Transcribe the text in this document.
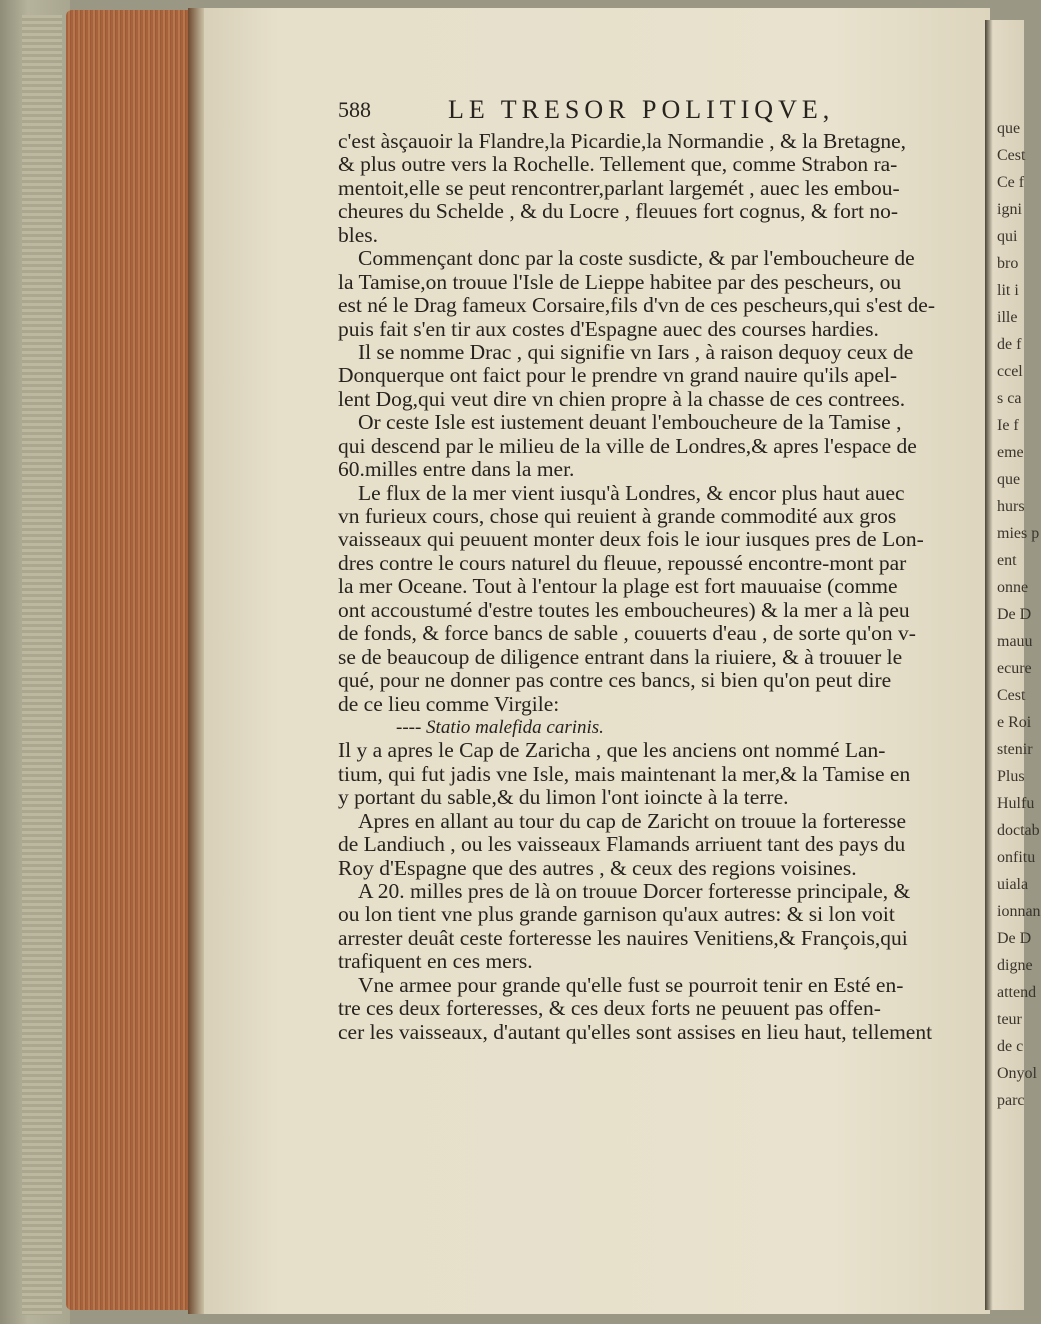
que
Cest
Ce f
igni
qui
bro
lit i
ille
de f
ccel
s ca
Ie f
eme
que
hurs
mies p
ent
onne
De D
mauu
ecure
Cest
e Roi
stenir
Plus
Hulfu
doctab
onfitu
uiala
ionnan
De D
digne
attend
teur
de c
Onyol
parc
588	LE TRESOR POLITIQVE,
c'est àsçauoir la Flandre,la Picardie,la Normandie , & la Bretagne,
& plus outre vers la Rochelle. Tellement que, comme Strabon ra-
mentoit,elle se peut rencontrer,parlant largemét , auec les embou-
cheures du Schelde , & du Locre , fleuues fort cognus, & fort no-
bles.
Commençant donc par la coste susdicte, & par l'emboucheure de
la Tamise,on trouue l'Isle de Lieppe habitee par des pescheurs, ou
est né le Drag fameux Corsaire,fils d'vn de ces pescheurs,qui s'est de-
puis fait s'en tir aux costes d'Espagne auec des courses hardies.
Il se nomme Drac , qui signifie vn Iars , à raison dequoy ceux de
Donquerque ont faict pour le prendre vn grand nauire qu'ils apel-
lent Dog,qui veut dire vn chien propre à la chasse de ces contrees.
Or ceste Isle est iustement deuant l'emboucheure de la Tamise ,
qui descend par le milieu de la ville de Londres,& apres l'espace de
60.milles entre dans la mer.
Le flux de la mer vient iusqu'à Londres, & encor plus haut auec
vn furieux cours, chose qui reuient à grande commodité aux gros
vaisseaux qui peuuent monter deux fois le iour iusques pres de Lon-
dres contre le cours naturel du fleuue, repoussé encontre-mont par
la mer Oceane. Tout à l'entour la plage est fort mauuaise (comme
ont accoustumé d'estre toutes les emboucheures) & la mer a là peu
de fonds, & force bancs de sable , couuerts d'eau , de sorte qu'on v-
se de beaucoup de diligence entrant dans la riuiere, & à trouuer le
qué, pour ne donner pas contre ces bancs, si bien qu'on peut dire
de ce lieu comme Virgile:
---- Statio malefida carinis.
Il y a apres le Cap de Zaricha , que les anciens ont nommé Lan-
tium, qui fut jadis vne Isle, mais maintenant la mer,& la Tamise en
y portant du sable,& du limon l'ont ioincte à la terre.
Apres en allant au tour du cap de Zaricht on trouue la forteresse
de Landiuch , ou les vaisseaux Flamands arriuent tant des pays du
Roy d'Espagne que des autres , & ceux des regions voisines.
A 20. milles pres de là on trouue Dorcer forteresse principale, &
ou lon tient vne plus grande garnison qu'aux autres: & si lon voit
arrester deuât ceste forteresse les nauires Venitiens,& François,qui
trafiquent en ces mers.
Vne armee pour grande qu'elle fust se pourroit tenir en Esté en-
tre ces deux forteresses, & ces deux forts ne peuuent pas offen-
cer les vaisseaux, d'autant qu'elles sont assises en lieu haut, tellement
